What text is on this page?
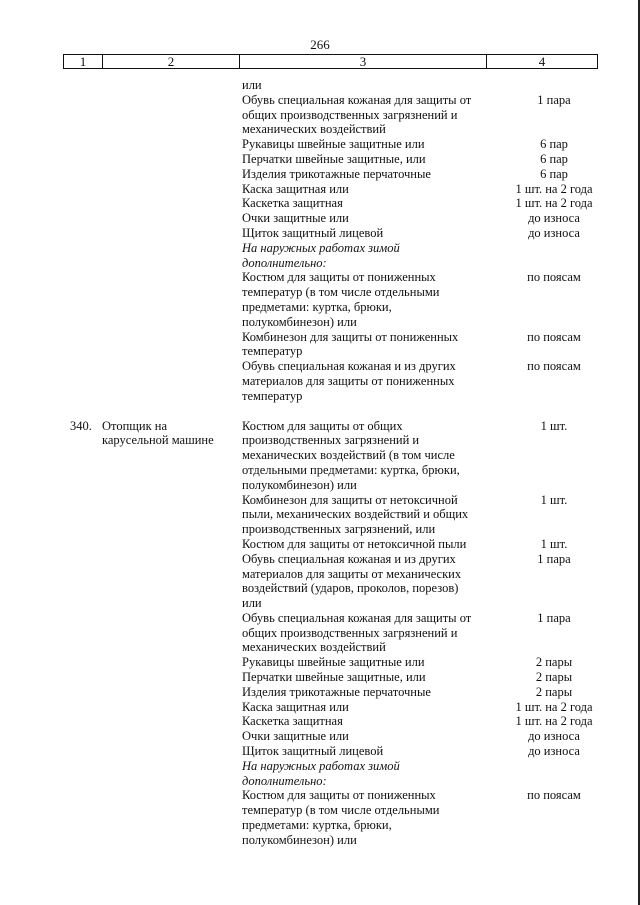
266
1	2	3	4
или
Обувь специальная кожаная для защиты от	1 пара
общих производственных загрязнений и
механических воздействий
Рукавицы швейные защитные или	6 пар
Перчатки швейные защитные, или	6 пар
Изделия трикотажные перчаточные	6 пар
Каска защитная или	1 шт. на 2 года
Каскетка защитная	1 шт. на 2 года
Очки защитные или	до износа
Щиток защитный лицевой	до износа
На наружных работах зимой
дополнительно:
Костюм для защиты от пониженных	по поясам
температур (в том числе отдельными
предметами: куртка, брюки,
полукомбинезон) или
Комбинезон для защиты от пониженных	по поясам
температур
Обувь специальная кожаная и из других	по поясам
материалов для защиты от пониженных
температур
340. Отопщик на	Костюм для защиты от общих	1 шт.
карусельной машине	производственных загрязнений и
механических воздействий (в том числе
отдельными предметами: куртка, брюки,
полукомбинезон) или
Комбинезон для защиты от нетоксичной	1 шт.
пыли, механических воздействий и общих
производственных загрязнений, или
Костюм для защиты от нетоксичной пыли	1 шт.
Обувь специальная кожаная и из других	1 пара
материалов для защиты от механических
воздействий (ударов, проколов, порезов)
или
Обувь специальная кожаная для защиты от	1 пара
общих производственных загрязнений и
механических воздействий
Рукавицы швейные защитные или	2 пары
Перчатки швейные защитные, или	2 пары
Изделия трикотажные перчаточные	2 пары
Каска защитная или	1 шт. на 2 года
Каскетка защитная	1 шт. на 2 года
Очки защитные или	до износа
Щиток защитный лицевой	до износа
На наружных работах зимой
дополнительно:
Костюм для защиты от пониженных	по поясам
температур (в том числе отдельными
предметами: куртка, брюки,
полукомбинезон) или
